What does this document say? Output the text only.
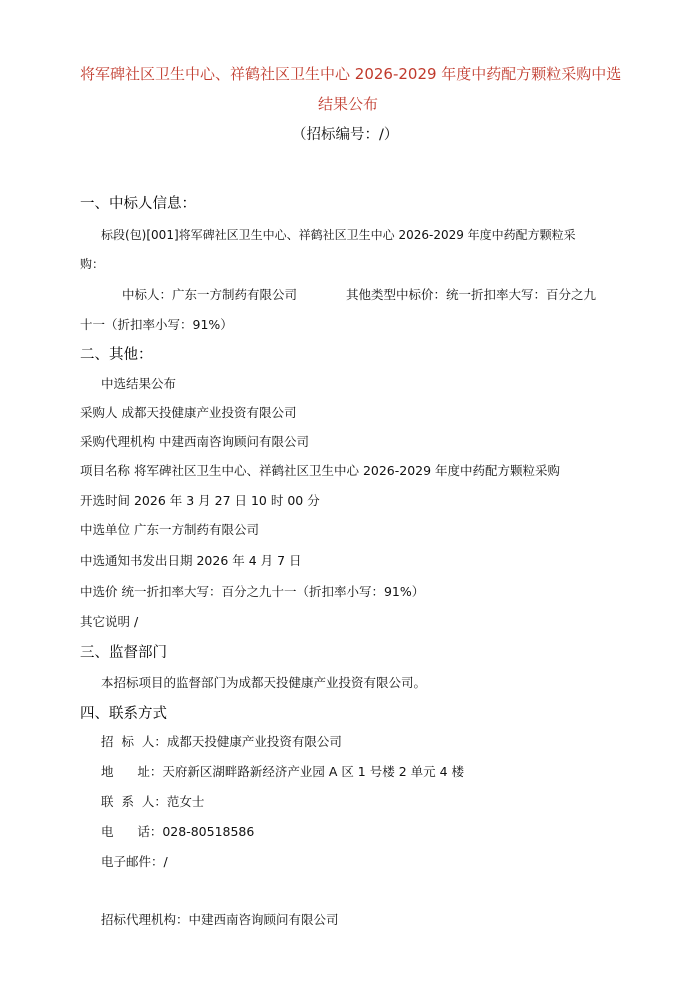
将军碑社区卫生中心、祥鹤社区卫生中心 2026-2029 年度中药配方颗粒采购中选
结果公布
（招标编号：/）
一、中标人信息：
标段(包)[001]将军碑社区卫生中心、祥鹤社区卫生中心 2026-2029 年度中药配方颗粒采
购：
中标人：广东一方制药有限公司	其他类型中标价：统一折扣率大写：百分之九
十一（折扣率小写：91%）
二、其他：
中选结果公布
采购人 成都天投健康产业投资有限公司
采购代理机构 中建西南咨询顾问有限公司
项目名称 将军碑社区卫生中心、祥鹤社区卫生中心 2026-2029 年度中药配方颗粒采购
开选时间 2026 年 3 月 27 日 10 时 00 分
中选单位 广东一方制药有限公司
中选通知书发出日期 2026 年 4 月 7 日
中选价 统一折扣率大写：百分之九十一（折扣率小写：91%）
其它说明 /
三、监督部门
本招标项目的监督部门为成都天投健康产业投资有限公司。
四、联系方式
招  标  人：成都天投健康产业投资有限公司
地      址：天府新区湖畔路新经济产业园 A 区 1 号楼 2 单元 4 楼
联  系  人：范女士
电      话：028-80518586
电子邮件：/
招标代理机构：中建西南咨询顾问有限公司
